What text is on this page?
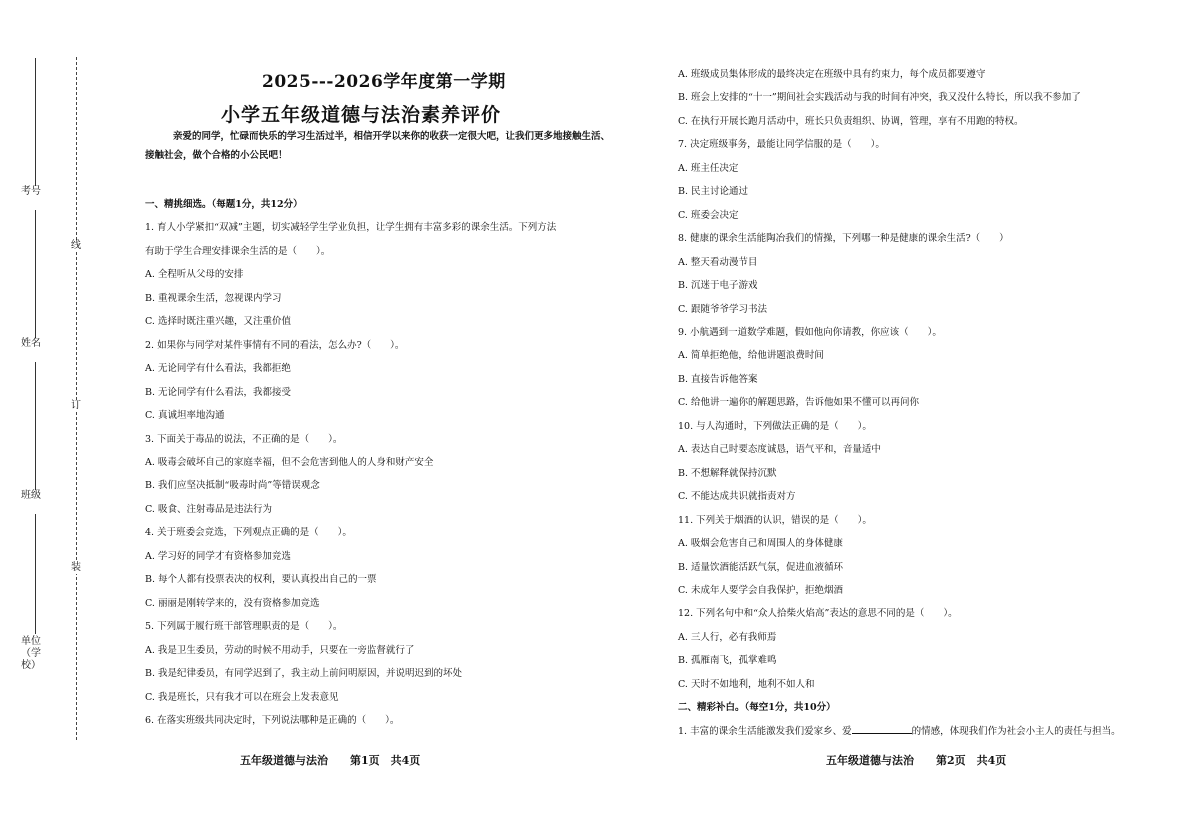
考号
姓名
班级
单位（学校）
线
订
装
2025---2026学年度第一学期
小学五年级道德与法治素养评价
亲爱的同学，忙碌而快乐的学习生活过半，相信开学以来你的收获一定很大吧，让我们更多地接触生活、接触社会，做个合格的小公民吧！
一、精挑细选。（每题1分，共12分）
1. 育人小学紧扣“双减”主题，切实减轻学生学业负担，让学生拥有丰富多彩的课余生活。下列方法
有助于学生合理安排课余生活的是（　　）。
A. 全程听从父母的安排
B. 重视课余生活，忽视课内学习
C. 选择时既注重兴趣，又注重价值
2. 如果你与同学对某件事情有不同的看法，怎么办?（　　）。
A. 无论同学有什么看法，我都拒绝
B. 无论同学有什么看法，我都接受
C. 真诚坦率地沟通
3. 下面关于毒品的说法，不正确的是（　　）。
A. 吸毒会破坏自己的家庭幸福，但不会危害到他人的人身和财产安全
B. 我们应坚决抵制“吸毒时尚”等错误观念
C. 吸食、注射毒品是违法行为
4. 关于班委会竞选，下列观点正确的是（　　）。
A. 学习好的同学才有资格参加竞选
B. 每个人都有投票表决的权利，要认真投出自己的一票
C. 丽丽是刚转学来的，没有资格参加竞选
5. 下列属于履行班干部管理职责的是（　　）。
A. 我是卫生委员，劳动的时候不用动手，只要在一旁监督就行了
B. 我是纪律委员，有同学迟到了，我主动上前问明原因，并说明迟到的坏处
C. 我是班长，只有我才可以在班会上发表意见
6. 在落实班级共同决定时，下列说法哪种是正确的（　　）。
A. 班级成员集体形成的最终决定在班级中具有约束力，每个成员都要遵守
B. 班会上安排的“十一”期间社会实践活动与我的时间有冲突，我又没什么特长，所以我不参加了
C. 在执行开展长跑月活动中，班长只负责组织、协调，管理，享有不用跑的特权。
7. 决定班级事务，最能让同学信服的是（　　）。
A. 班主任决定
B. 民主讨论通过
C. 班委会决定
8. 健康的课余生活能陶冶我们的情操，下列哪一种是健康的课余生活?（　　）
A. 整天看动漫节目
B. 沉迷于电子游戏
C. 跟随爷爷学习书法
9. 小航遇到一道数学难题，假如他向你请教，你应该（　　）。
A. 简单拒绝他，给他讲题浪费时间
B. 直接告诉他答案
C. 给他讲一遍你的解题思路，告诉他如果不懂可以再问你
10. 与人沟通时，下列做法正确的是（　　）。
A. 表达自己时要态度诚恳，语气平和，音量适中
B. 不想解释就保持沉默
C. 不能达成共识就指责对方
11. 下列关于烟酒的认识，错误的是（　　）。
A. 吸烟会危害自己和周围人的身体健康
B. 适量饮酒能活跃气氛，促进血液循环
C. 未成年人要学会自我保护，拒绝烟酒
12. 下列名句中和“众人拾柴火焰高”表达的意思不同的是（　　）。
A. 三人行，必有我师焉
B. 孤雁南飞，孤掌难鸣
C. 天时不如地利，地利不如人和
二、精彩补白。（每空1分，共10分）
1. 丰富的课余生活能激发我们爱家乡、爱	的情感，体现我们作为社会小主人的责任与担当。
五年级道德与法治　　第1页　共4页	五年级道德与法治　　第2页　共4页
